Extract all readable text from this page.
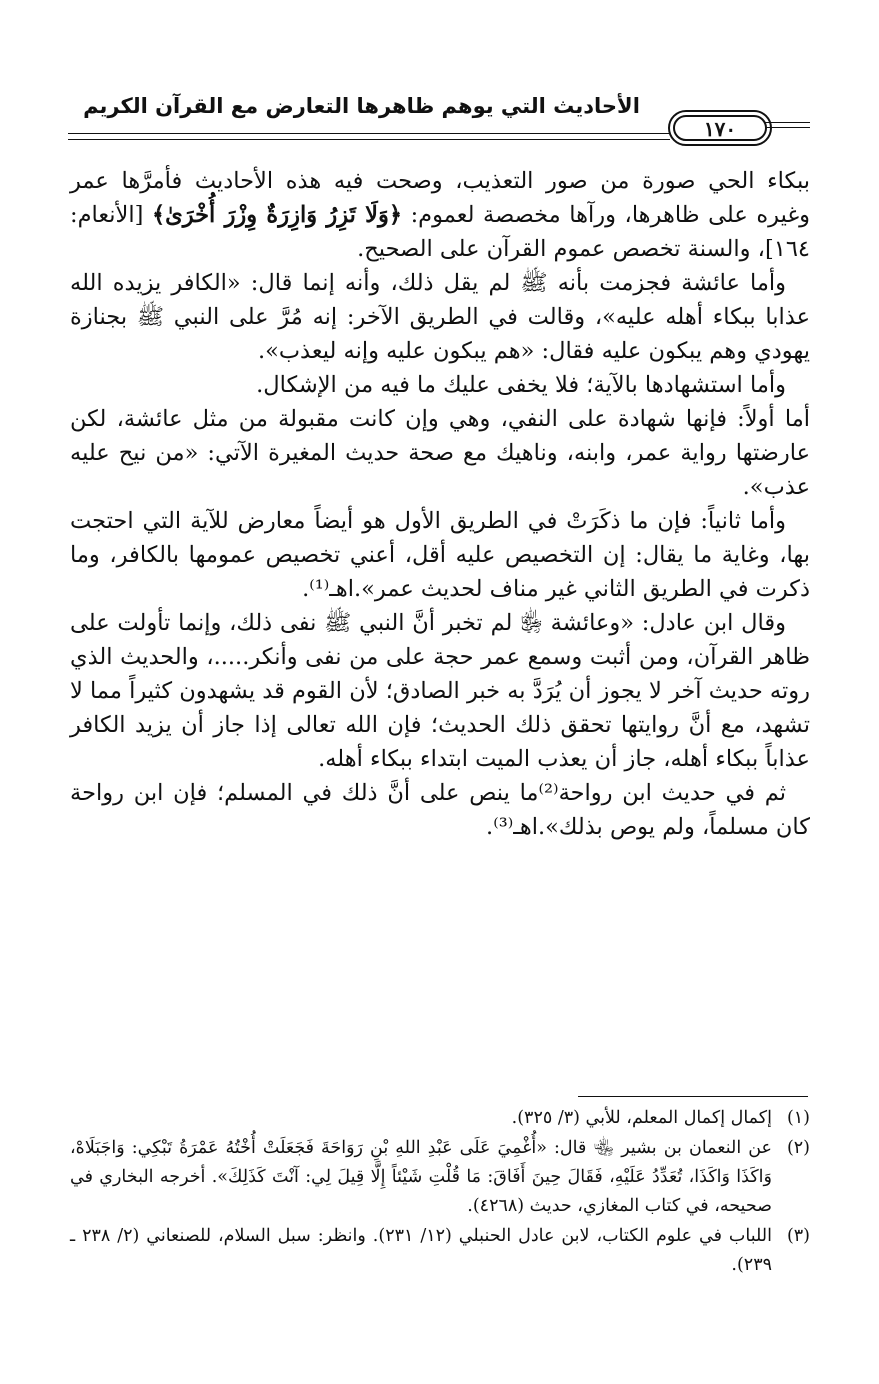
الأحاديث التي يوهم ظاهرها التعارض مع القرآن الكريم
١٧٠

ببكاء الحي صورة من صور التعذيب، وصحت فيه هذه الأحاديث فأمرَّها عمر وغيره على ظاهرها، ورآها مخصصة لعموم: ﴿وَلَا تَزِرُ وَازِرَةٌ وِزْرَ أُخْرَىٰ﴾ [الأنعام: ١٦٤]، والسنة تخصص عموم القرآن على الصحيح.

وأما عائشة فجزمت بأنه ﷺ لم يقل ذلك، وأنه إنما قال: «الكافر يزيده الله عذابا ببكاء أهله عليه»، وقالت في الطريق الآخر: إنه مُرَّ على النبي ﷺ بجنازة يهودي وهم يبكون عليه فقال: «هم يبكون عليه وإنه ليعذب».

وأما استشهادها بالآية؛ فلا يخفى عليك ما فيه من الإشكال.

أما أولاً: فإنها شهادة على النفي، وهي وإن كانت مقبولة من مثل عائشة، لكن عارضتها رواية عمر، وابنه، وناهيك مع صحة حديث المغيرة الآتي: «من نيح عليه عذب».

وأما ثانياً: فإن ما ذكَرَتْ في الطريق الأول هو أيضاً معارض للآية التي احتجت بها، وغاية ما يقال: إن التخصيص عليه أقل، أعني تخصيص عمومها بالكافر، وما ذكرت في الطريق الثاني غير مناف لحديث عمر».اهـ⁽¹⁾.

وقال ابن عادل: «وعائشة ﵂ لم تخبر أنَّ النبي ﷺ نفى ذلك، وإنما تأولت على ظاهر القرآن، ومن أثبت وسمع عمر حجة على من نفى وأنكر.....، والحديث الذي روته حديث آخر لا يجوز أن يُرَدَّ به خبر الصادق؛ لأن القوم قد يشهدون كثيراً مما لا تشهد، مع أنَّ روايتها تحقق ذلك الحديث؛ فإن الله تعالى إذا جاز أن يزيد الكافر عذاباً ببكاء أهله، جاز أن يعذب الميت ابتداء ببكاء أهله.

ثم في حديث ابن رواحة⁽²⁾ما ينص على أنَّ ذلك في المسلم؛ فإن ابن رواحة كان مسلماً، ولم يوص بذلك».اهـ⁽³⁾.

(١)
إكمال إكمال المعلم، للأبي (٣/ ٣٢٥).
(٢)
عن النعمان بن بشير ﵄ قال: «أُغْمِيَ عَلَى عَبْدِ اللهِ بْنِ رَوَاحَةَ فَجَعَلَتْ أُخْتُهُ عَمْرَةُ تَبْكِي: وَاجَبَلَاهْ، وَاكَذَا وَاكَذَا، تُعَدِّدُ عَلَيْهِ، فَقَالَ حِينَ أَفَاقَ: مَا قُلْتِ شَيْئاً إِلَّا قِيلَ لِي: آنْتَ كَذَلِكَ». أخرجه البخاري في صحيحه، في كتاب المغازي، حديث (٤٢٦٨).
(٣)
اللباب في علوم الكتاب، لابن عادل الحنبلي (١٢/ ٢٣١). وانظر: سبل السلام، للصنعاني (٢/ ٢٣٨ ـ ٢٣٩).
